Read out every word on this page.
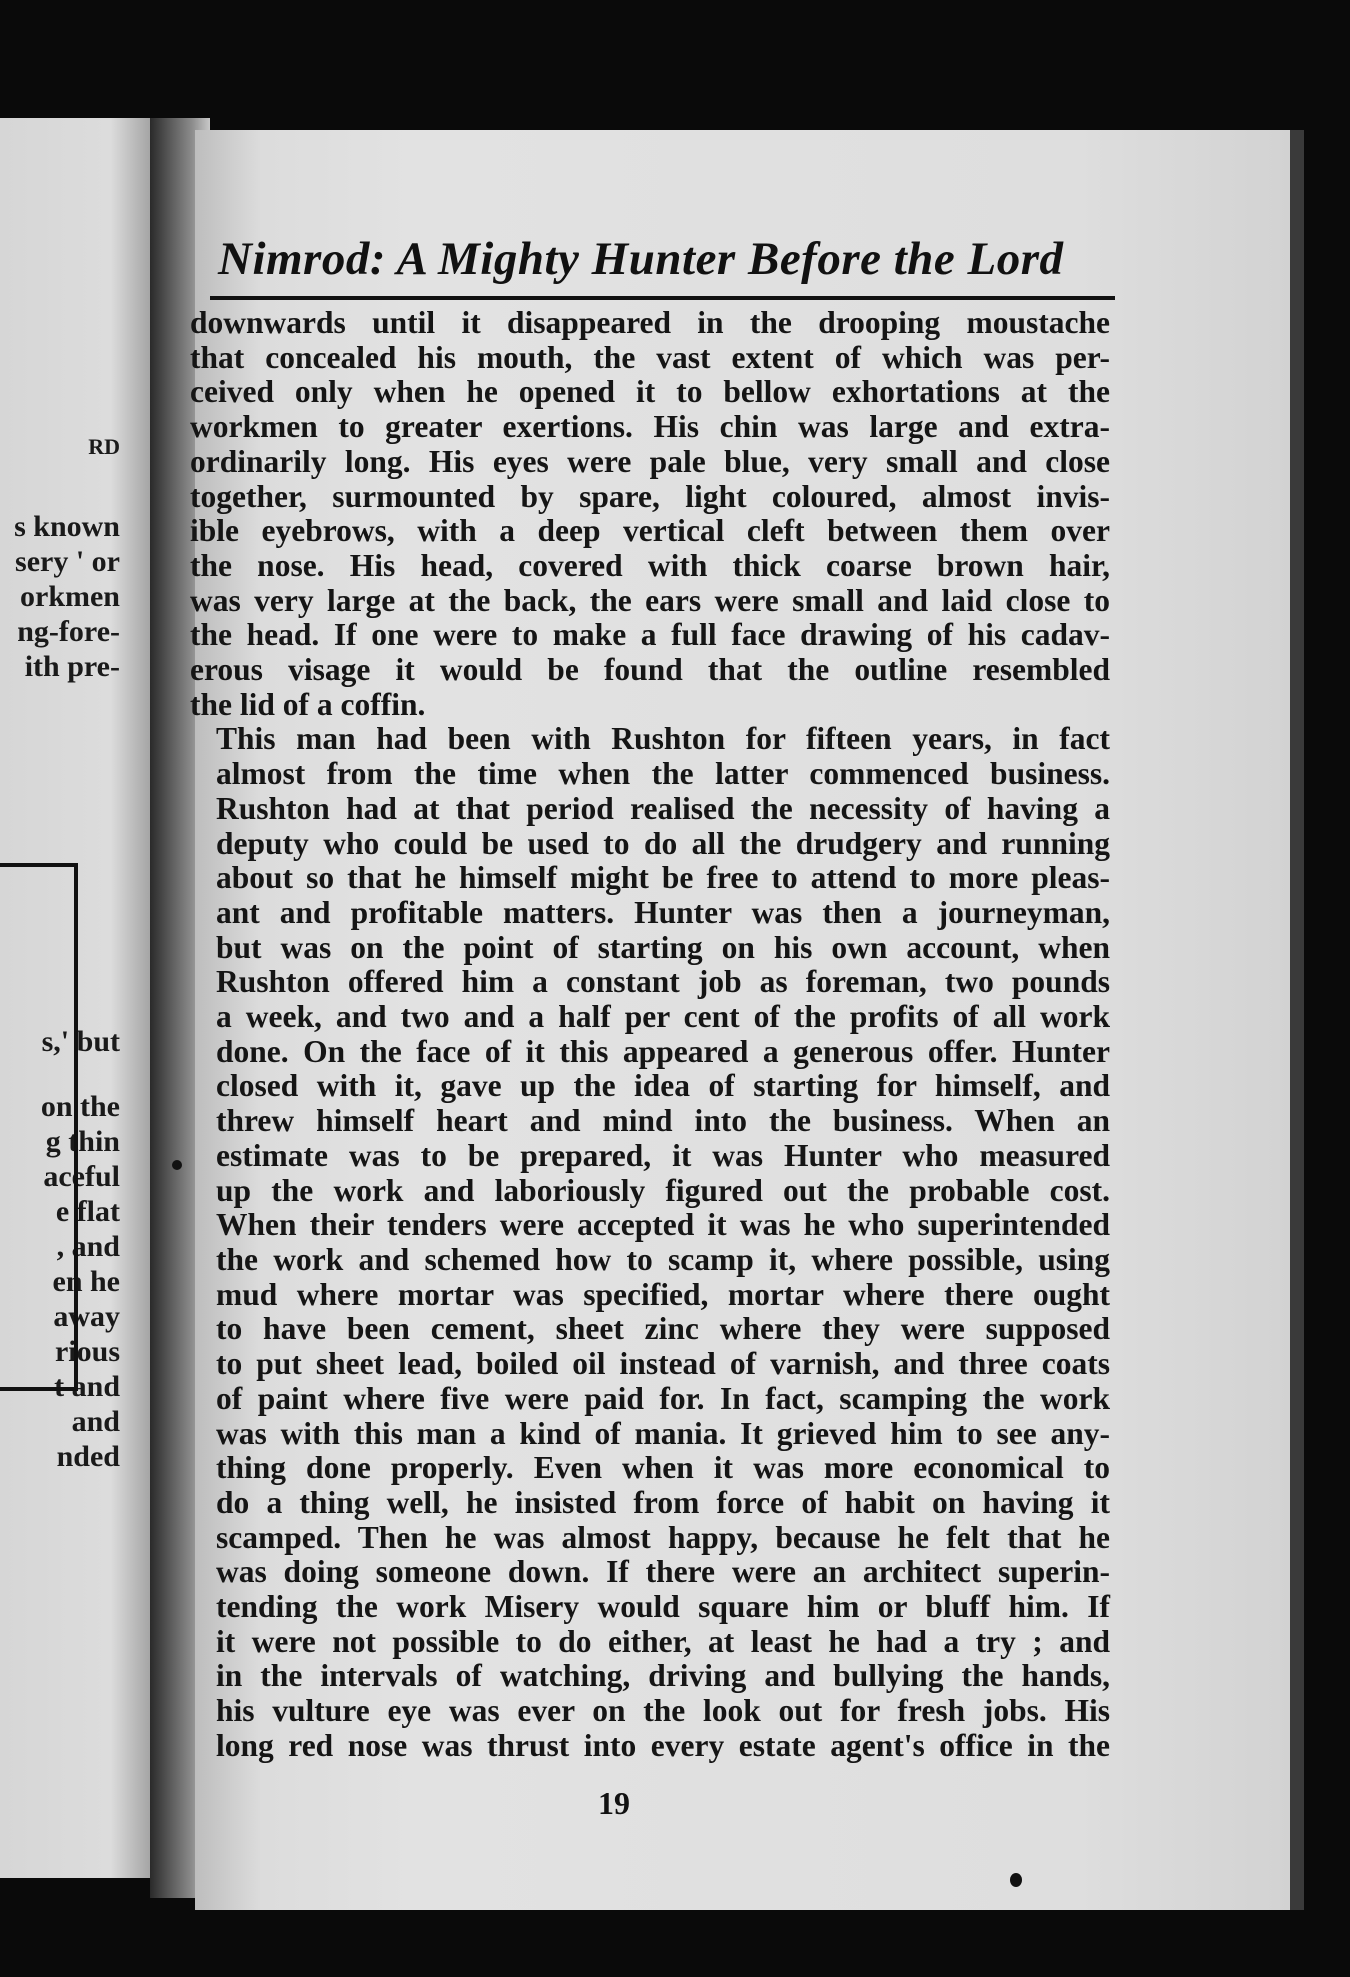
RD
s known
sery ' or
orkmen
ng-fore-
ith pre-
s,' but
on the
g thin
aceful
e flat
, and
en he
away
rious
t and
and
nded
Nimrod: A Mighty Hunter Before the Lord

downwards until it disappeared in the drooping moustache
that concealed his mouth, the vast extent of which was per-
ceived only when he opened it to bellow exhortations at the
workmen to greater exertions. His chin was large and extra-
ordinarily long. His eyes were pale blue, very small and close
together, surmounted by spare, light coloured, almost invis-
ible eyebrows, with a deep vertical cleft between them over
the nose. His head, covered with thick coarse brown hair,
was very large at the back, the ears were small and laid close to
the head. If one were to make a full face drawing of his cadav-
erous visage it would be found that the outline resembled
the lid of a coffin.

This man had been with Rushton for fifteen years, in fact
almost from the time when the latter commenced business.
Rushton had at that period realised the necessity of having a
deputy who could be used to do all the drudgery and running
about so that he himself might be free to attend to more pleas-
ant and profitable matters. Hunter was then a journeyman,
but was on the point of starting on his own account, when
Rushton offered him a constant job as foreman, two pounds
a week, and two and a half per cent of the profits of all work
done. On the face of it this appeared a generous offer. Hunter
closed with it, gave up the idea of starting for himself, and
threw himself heart and mind into the business. When an
estimate was to be prepared, it was Hunter who measured
up the work and laboriously figured out the probable cost.
When their tenders were accepted it was he who superintended
the work and schemed how to scamp it, where possible, using
mud where mortar was specified, mortar where there ought
to have been cement, sheet zinc where they were supposed
to put sheet lead, boiled oil instead of varnish, and three coats
of paint where five were paid for. In fact, scamping the work
was with this man a kind of mania. It grieved him to see any-
thing done properly. Even when it was more economical to
do a thing well, he insisted from force of habit on having it
scamped. Then he was almost happy, because he felt that he
was doing someone down. If there were an architect superin-
tending the work Misery would square him or bluff him. If
it were not possible to do either, at least he had a try ; and
in the intervals of watching, driving and bullying the hands,
his vulture eye was ever on the look out for fresh jobs. His
long red nose was thrust into every estate agent's office in the

19
